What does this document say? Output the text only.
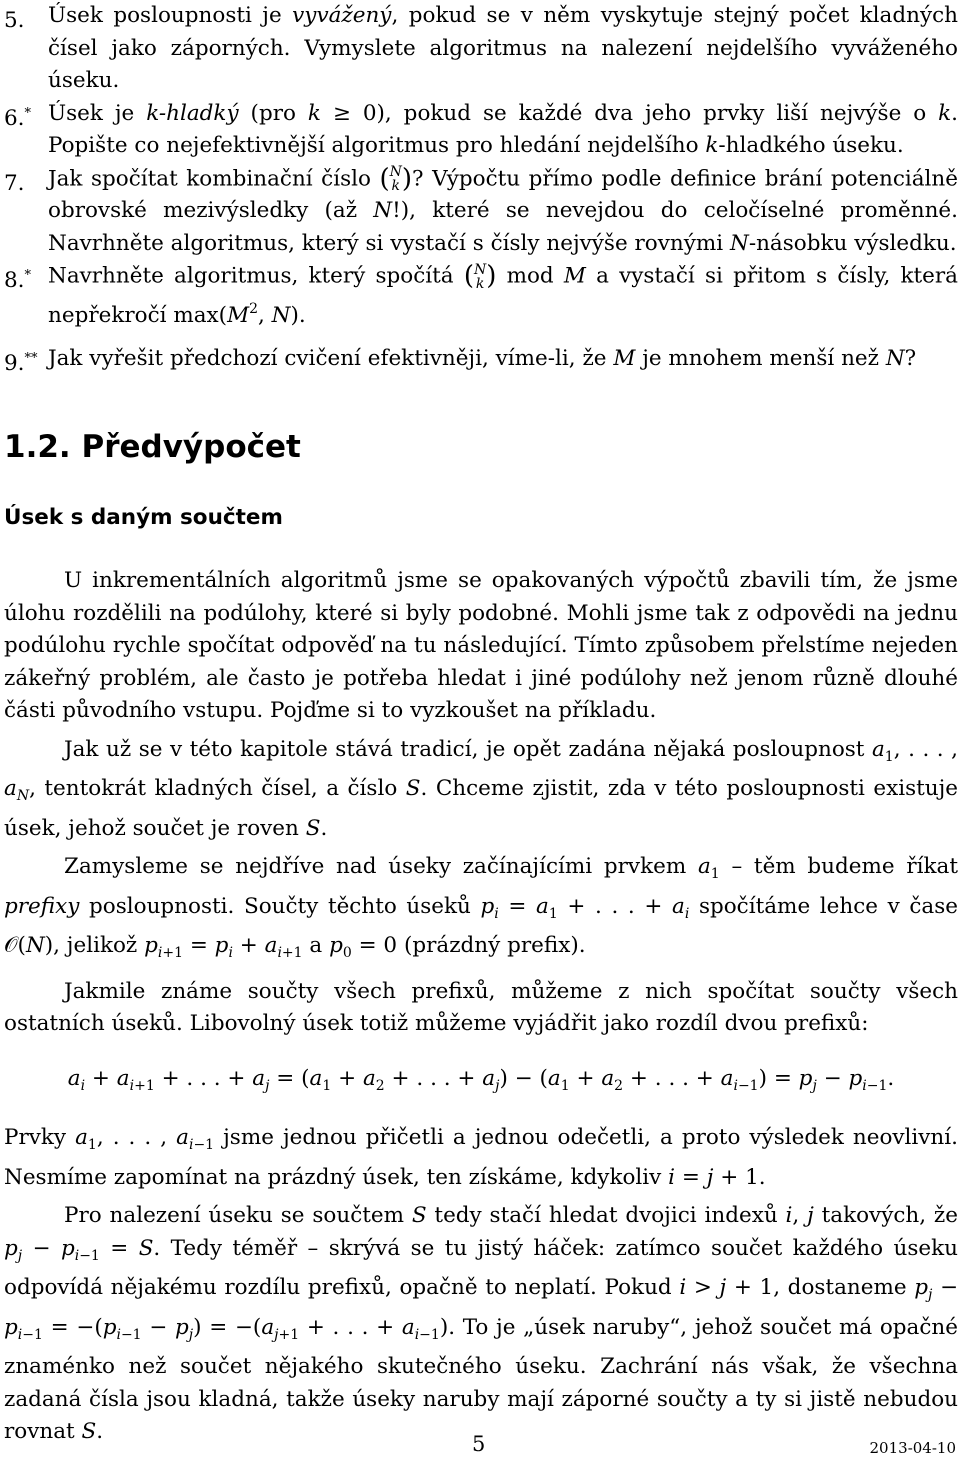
5. Úsek posloupnosti je vyvážený, pokud se v něm vyskytuje stejný počet kladných čísel jako záporných. Vymyslete algoritmus na nalezení nejdelšího vyváženého úseku.
6.* Úsek je k-hladký (pro k ≥ 0), pokud se každé dva jeho prvky liší nejvýše o k. Popište co nejefektivnější algoritmus pro hledání nejdelšího k-hladkého úseku.
7. Jak spočítat kombinační číslo ( N
k )? Výpočtu přímo podle definice brání potenciálně obrovské mezivýsledky (až N!), které se nevejdou do celočíselné proměnné. Navrhněte algoritmus, který si vystačí s čísly nejvýše rovnými N-násobku výsledku.
8.* Navrhněte algoritmus, který spočítá ( N
k ) mod M a vystačí si přitom s čísly, která nepřekročí $\max(M^2$, N).
9.** Jak vyřešit předchozí cvičení efektivněji, víme-li, že M je mnohem menší než N?
1.2. Předvýpočet
Úsek s daným součtem

U inkrementálních algoritmů jsme se opakovaných výpočtů zbavili tím, že jsme úlohu rozdělili na podúlohy, které si byly podobné. Mohli jsme tak z odpovědi na jednu podúlohu rychle spočítat odpověď na tu následující. Tímto způsobem přelstíme nejeden zákeřný problém, ale často je potřeba hledat i jiné podúlohy než jenom různě dlouhé části původního vstupu. Pojďme si to vyzkoušet na příkladu.

Jak už se v této kapitole stává tradicí, je opět zadána nějaká posloupnost $a_1$, . . . , $a_N$, tentokrát kladných čísel, a číslo S. Chceme zjistit, zda v této posloupnosti existuje úsek, jehož součet je roven S.

Zamysleme se nejdříve nad úseky začínajícími prvkem $a_1$ – těm budeme říkat prefixy posloupnosti. Součty těchto úseků $p_i = a_1$ + . . . + $a_i$ spočítáme lehce v čase 𝒪(N), jelikož $p_{i+1} = p_i + a_{i+1}$ a $p_0 = 0$ (prázdný prefix).

Jakmile známe součty všech prefixů, můžeme z nich spočítat součty všech ostatních úseků. Libovolný úsek totiž můžeme vyjádřit jako rozdíl dvou prefixů:

$a_i + a_{i+1}$ + . . . + $a_j = (a_1 + a_2$ + . . . + $a_j) - (a_1 + a_2$ + . . . + $a_{i-1}) = p_j - p_{i-1}$.

Prvky $a_1$, . . . , $a_{i-1}$ jsme jednou přičetli a jednou odečetli, a proto výsledek neovlivní. Nesmíme zapomínat na prázdný úsek, ten získáme, kdykoliv i = j + 1.

Pro nalezení úseku se součtem S tedy stačí hledat dvojici indexů i, j takových, že $p_j - p_{i-1} = S$. Tedy téměř – skrývá se tu jistý háček: zatímco součet každého úseku odpovídá nějakému rozdílu prefixů, opačně to neplatí. Pokud i > j + 1, dostaneme $p_j - p_{i-1} = -(p_{i-1} - p_j) = -(a_{j+1}$ + . . . + $a_{i-1}$). To je „úsek naruby“, jehož součet má opačné znaménko než součet nějakého skutečného úseku. Zachrání nás však, že všechna zadaná čísla jsou kladná, takže úseky naruby mají záporné součty a ty si jistě nebudou rovnat S.	5	2013-04-10
